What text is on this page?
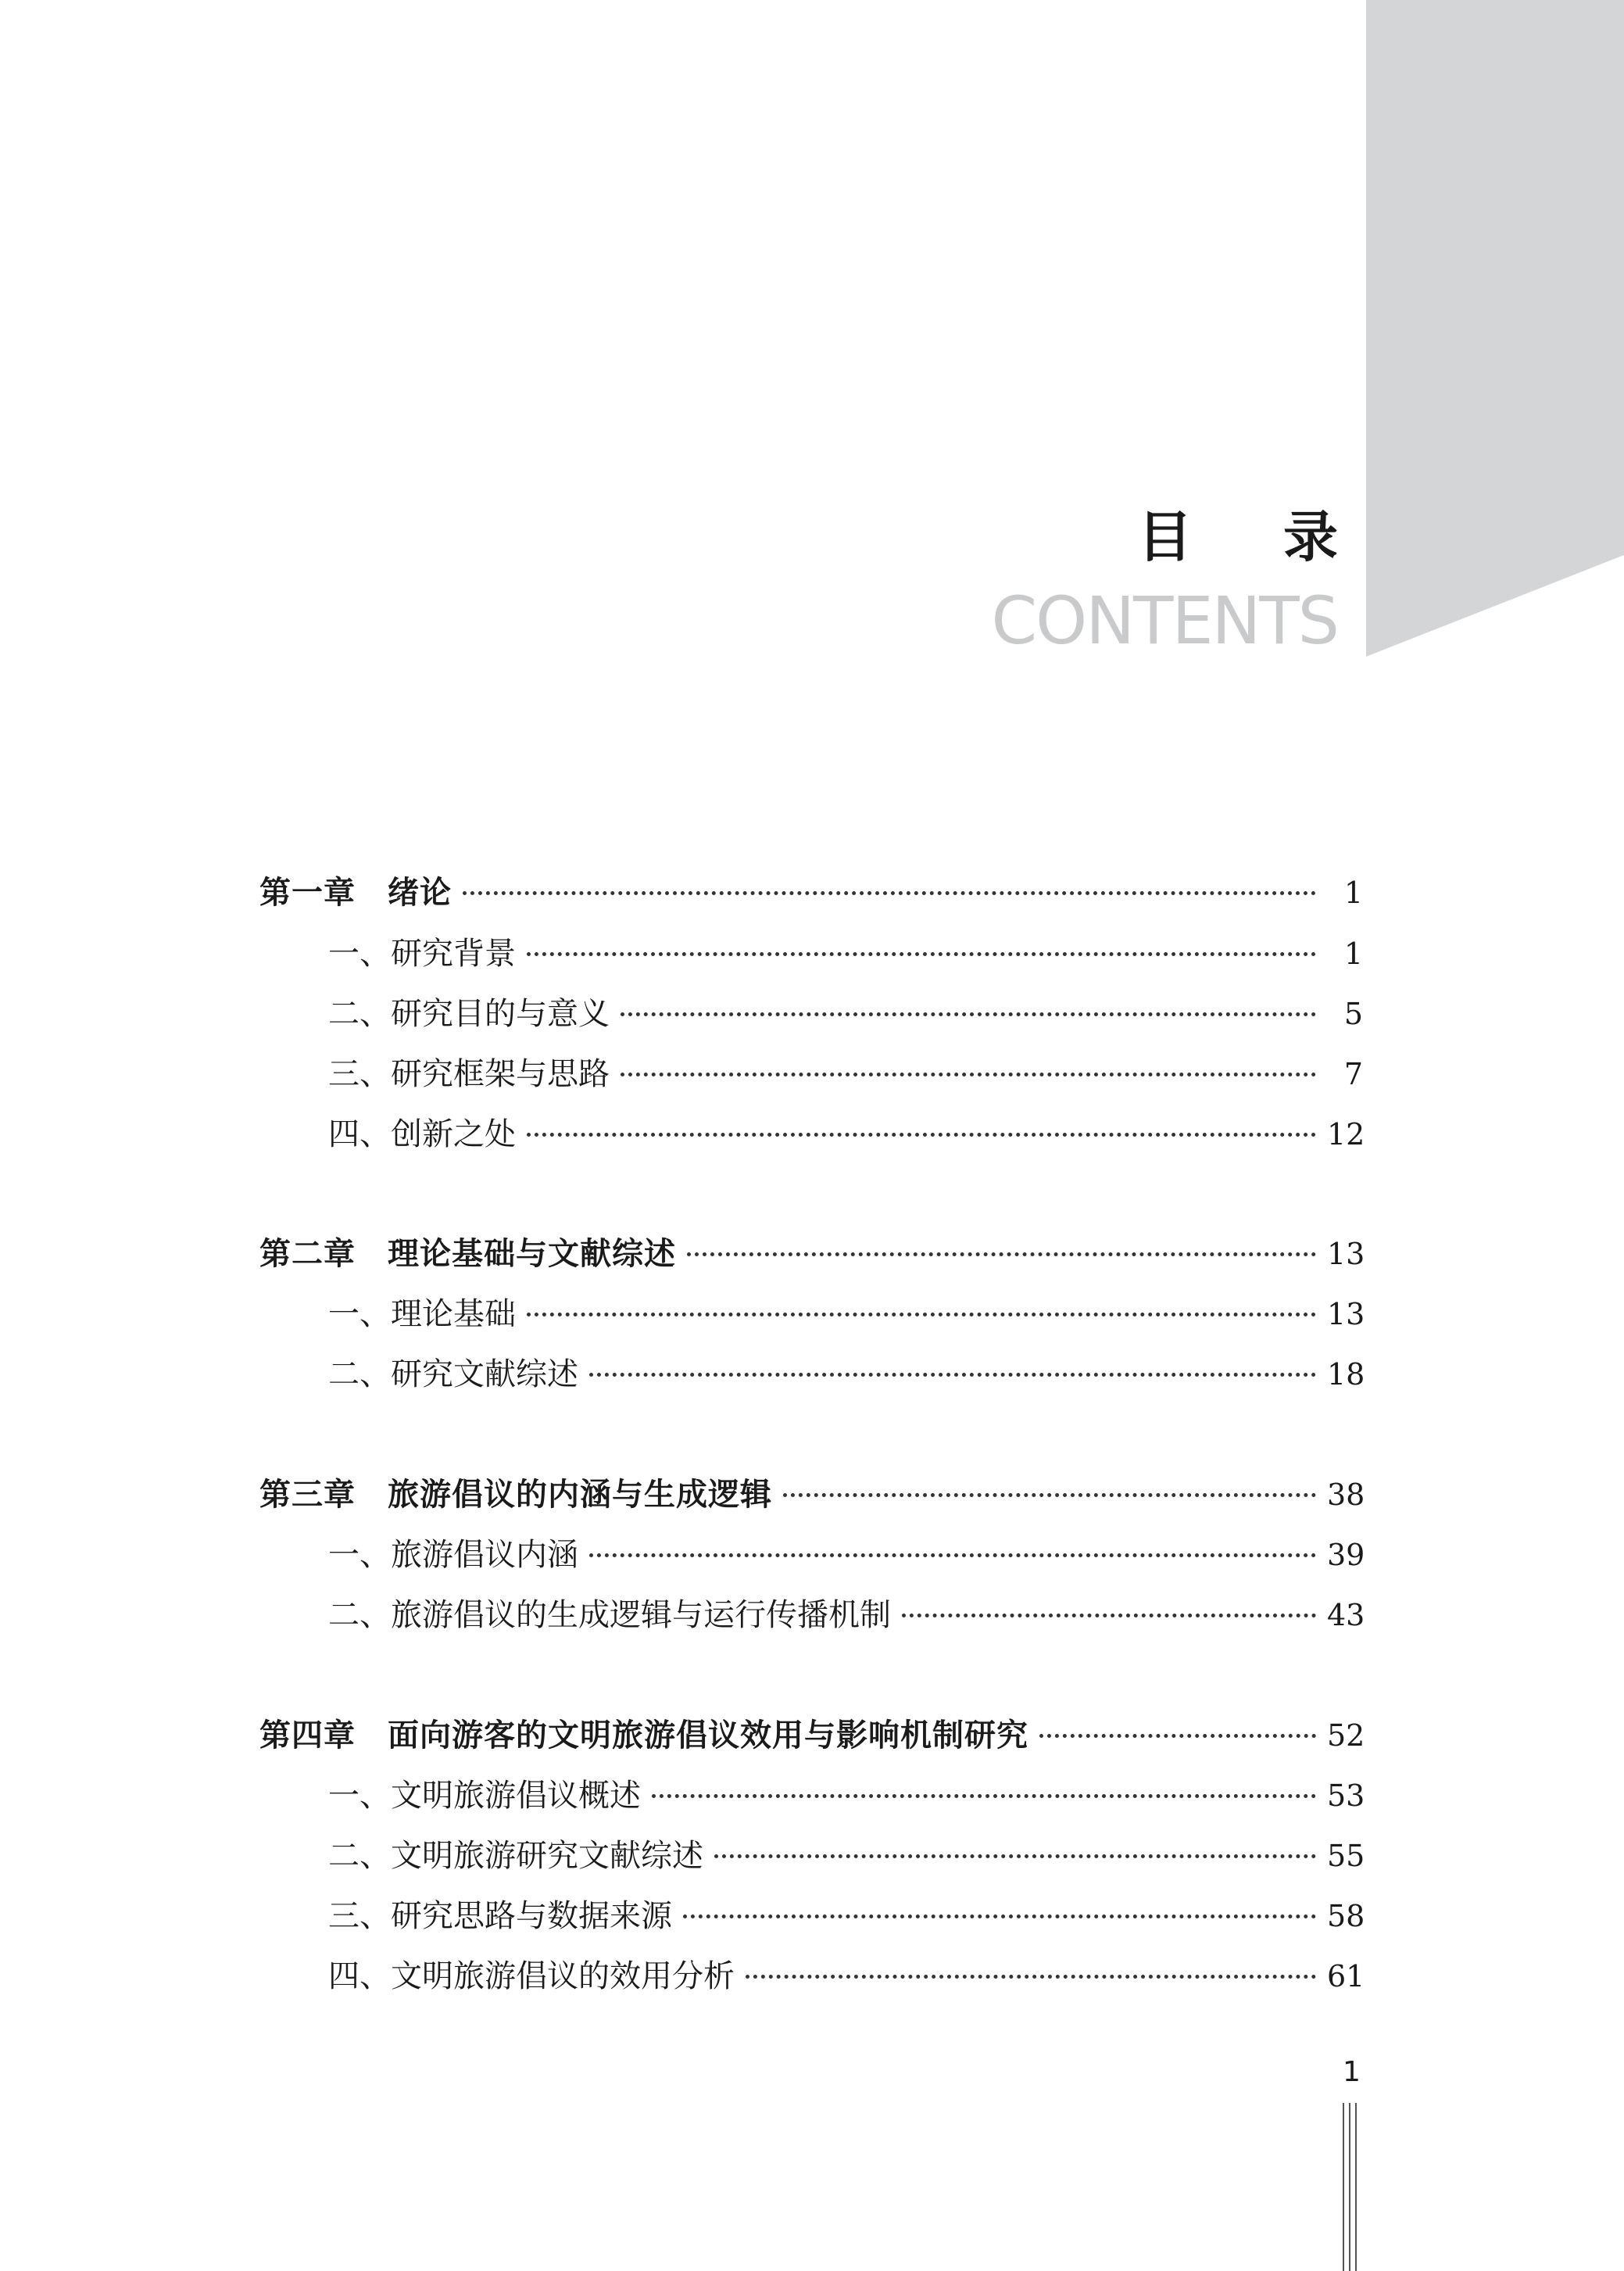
目 录
CONTENTS
第一章　绪论	1
一、研究背景	1
二、研究目的与意义	5
三、研究框架与思路	7
四、创新之处	12
第二章　理论基础与文献综述	13
一、理论基础	13
二、研究文献综述	18
第三章　旅游倡议的内涵与生成逻辑	38
一、旅游倡议内涵	39
二、旅游倡议的生成逻辑与运行传播机制	43
第四章　面向游客的文明旅游倡议效用与影响机制研究	52
一、文明旅游倡议概述	53
二、文明旅游研究文献综述	55
三、研究思路与数据来源	58
四、文明旅游倡议的效用分析	61
1
